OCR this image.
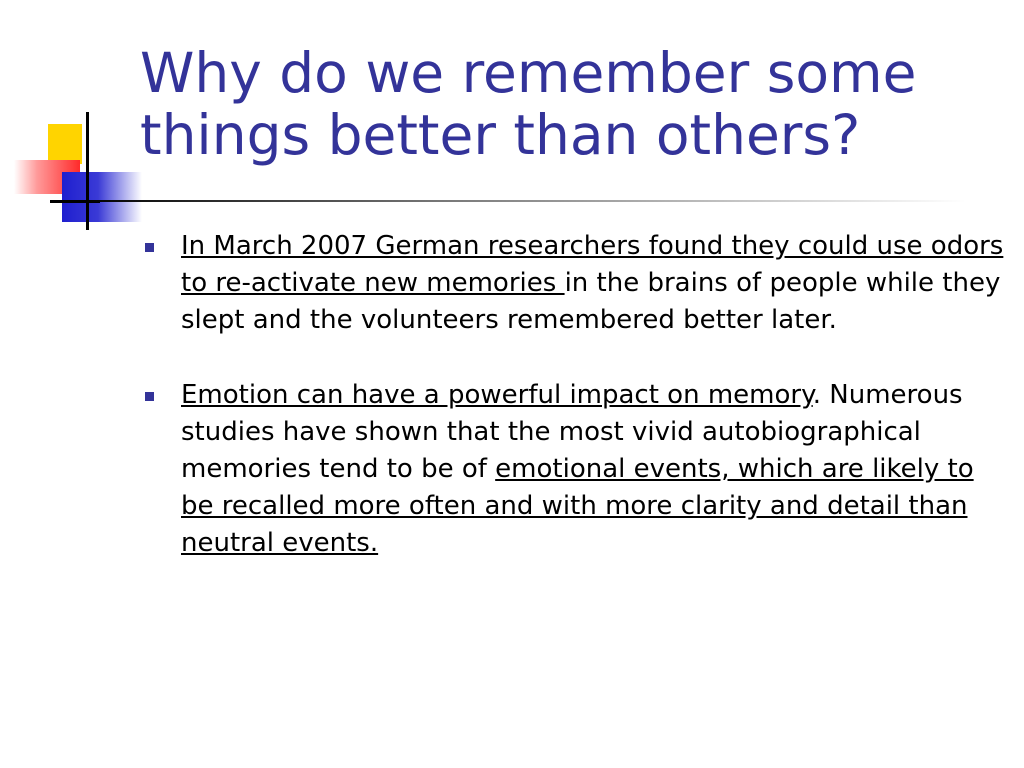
Why do we remember some things better than others?
In March 2007 German researchers found they could use odors to re-activate new memories in the brains of people while they slept and the volunteers remembered better later.
Emotion can have a powerful impact on memory. Numerous studies have shown that the most vivid autobiographical memories tend to be of emotional events, which are likely to be recalled more often and with more clarity and detail than neutral events.
